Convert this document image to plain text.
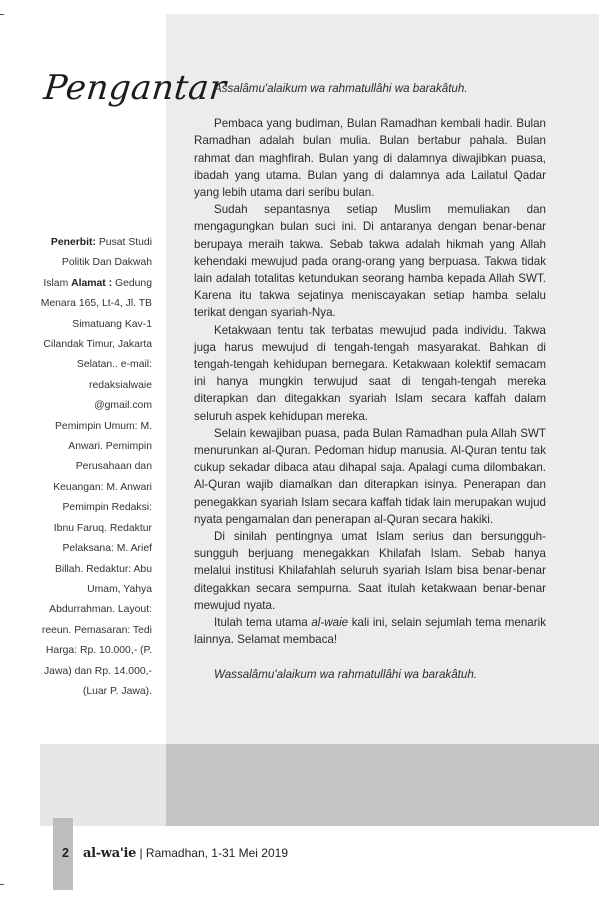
Pengantar
Penerbit: Pusat Studi Politik Dan Dakwah Islam Alamat : Gedung Menara 165, Lt-4, Jl. TB Simatuang Kav-1 Cilandak Timur, Jakarta Selatan.. e-mail: redaksialwaie @gmail.com
Pemimpin Umum: M. Anwari. Pemimpin Perusahaan dan Keuangan: M. Anwari Pemimpin Redaksi: Ibnu Faruq. Redaktur Pelaksana: M. Arief Billah. Redaktur: Abu Umam, Yahya Abdurrahman. Layout: reeun. Pemasaran: Tedi Harga: Rp. 10.000,- (P. Jawa) dan Rp. 14.000,- (Luar P. Jawa).
Assalâmu'alaikum wa rahmatullâhi wa barakâtuh.

Pembaca yang budiman, Bulan Ramadhan kembali hadir. Bulan Ramadhan adalah bulan mulia. Bulan bertabur pahala. Bulan rahmat dan maghfirah. Bulan yang di dalamnya diwajibkan puasa, ibadah yang utama. Bulan yang di dalamnya ada Lailatul Qadar yang lebih utama dari seribu bulan.

Sudah sepantasnya setiap Muslim memuliakan dan mengagungkan bulan suci ini. Di antaranya dengan benar-benar berupaya meraih takwa. Sebab takwa adalah hikmah yang Allah kehendaki mewujud pada orang-orang yang berpuasa. Takwa tidak lain adalah totalitas ketundukan seorang hamba kepada Allah SWT. Karena itu takwa sejatinya meniscayakan setiap hamba selalu terikat dengan syariah-Nya.

Ketakwaan tentu tak terbatas mewujud pada individu. Takwa juga harus mewujud di tengah-tengah masyarakat. Bahkan di tengah-tengah kehidupan bernegara. Ketakwaan kolektif semacam ini hanya mungkin terwujud saat di tengah-tengah mereka diterapkan dan ditegakkan syariah Islam secara kaffah dalam seluruh aspek kehidupan mereka.

Selain kewajiban puasa, pada Bulan Ramadhan pula Allah SWT menurunkan al-Quran. Pedoman hidup manusia. Al-Quran tentu tak cukup sekadar dibaca atau dihapal saja. Apalagi cuma dilombakan. Al-Quran wajib diamalkan dan diterapkan isinya. Penerapan dan penegakkan syariah Islam secara kaffah tidak lain merupakan wujud nyata pengamalan dan penerapan al-Quran secara hakiki.

Di sinilah pentingnya umat Islam serius dan bersungguh-sungguh berjuang menegakkan Khilafah Islam. Sebab hanya melalui institusi Khilafahlah seluruh syariah Islam bisa benar-benar ditegakkan secara sempurna. Saat itulah ketakwaan benar-benar mewujud nyata.

Itulah tema utama al-waie kali ini, selain sejumlah tema menarik lainnya. Selamat membaca!

Wassalâmu'alaikum wa rahmatullâhi wa barakâtuh.
2 al-wa'ie | Ramadhan, 1-31 Mei 2019
